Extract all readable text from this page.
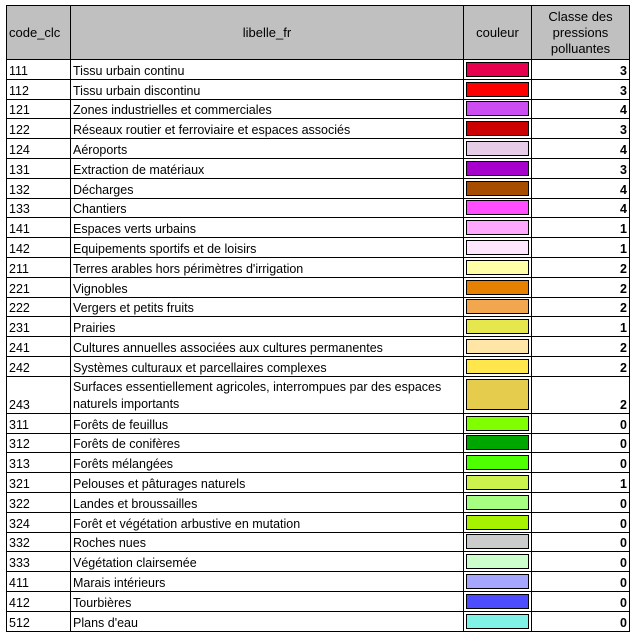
code_clc	libelle_fr	couleur	Classe des pressions polluantes
111	Tissu urbain continu		3
112	Tissu urbain discontinu		3
121	Zones industrielles et commerciales		4
122	Réseaux routier et ferroviaire et espaces associés		3
124	Aéroports		4
131	Extraction de matériaux		3
132	Décharges		4
133	Chantiers		4
141	Espaces verts urbains		1
142	Equipements sportifs et de loisirs		1
211	Terres arables hors périmètres d'irrigation		2
221	Vignobles		2
222	Vergers et petits fruits		2
231	Prairies		1
241	Cultures annuelles associées aux cultures permanentes		2
242	Systèmes culturaux et parcellaires complexes		2
243	Surfaces essentiellement agricoles, interrompues par des espaces naturels importants		2
311	Forêts de feuillus		0
312	Forêts de conifères		0
313	Forêts mélangées		0
321	Pelouses et pâturages naturels		1
322	Landes et broussailles		0
324	Forêt et végétation arbustive en mutation		0
332	Roches nues		0
333	Végétation clairsemée		0
411	Marais intérieurs		0
412	Tourbières		0
512	Plans d'eau		0
